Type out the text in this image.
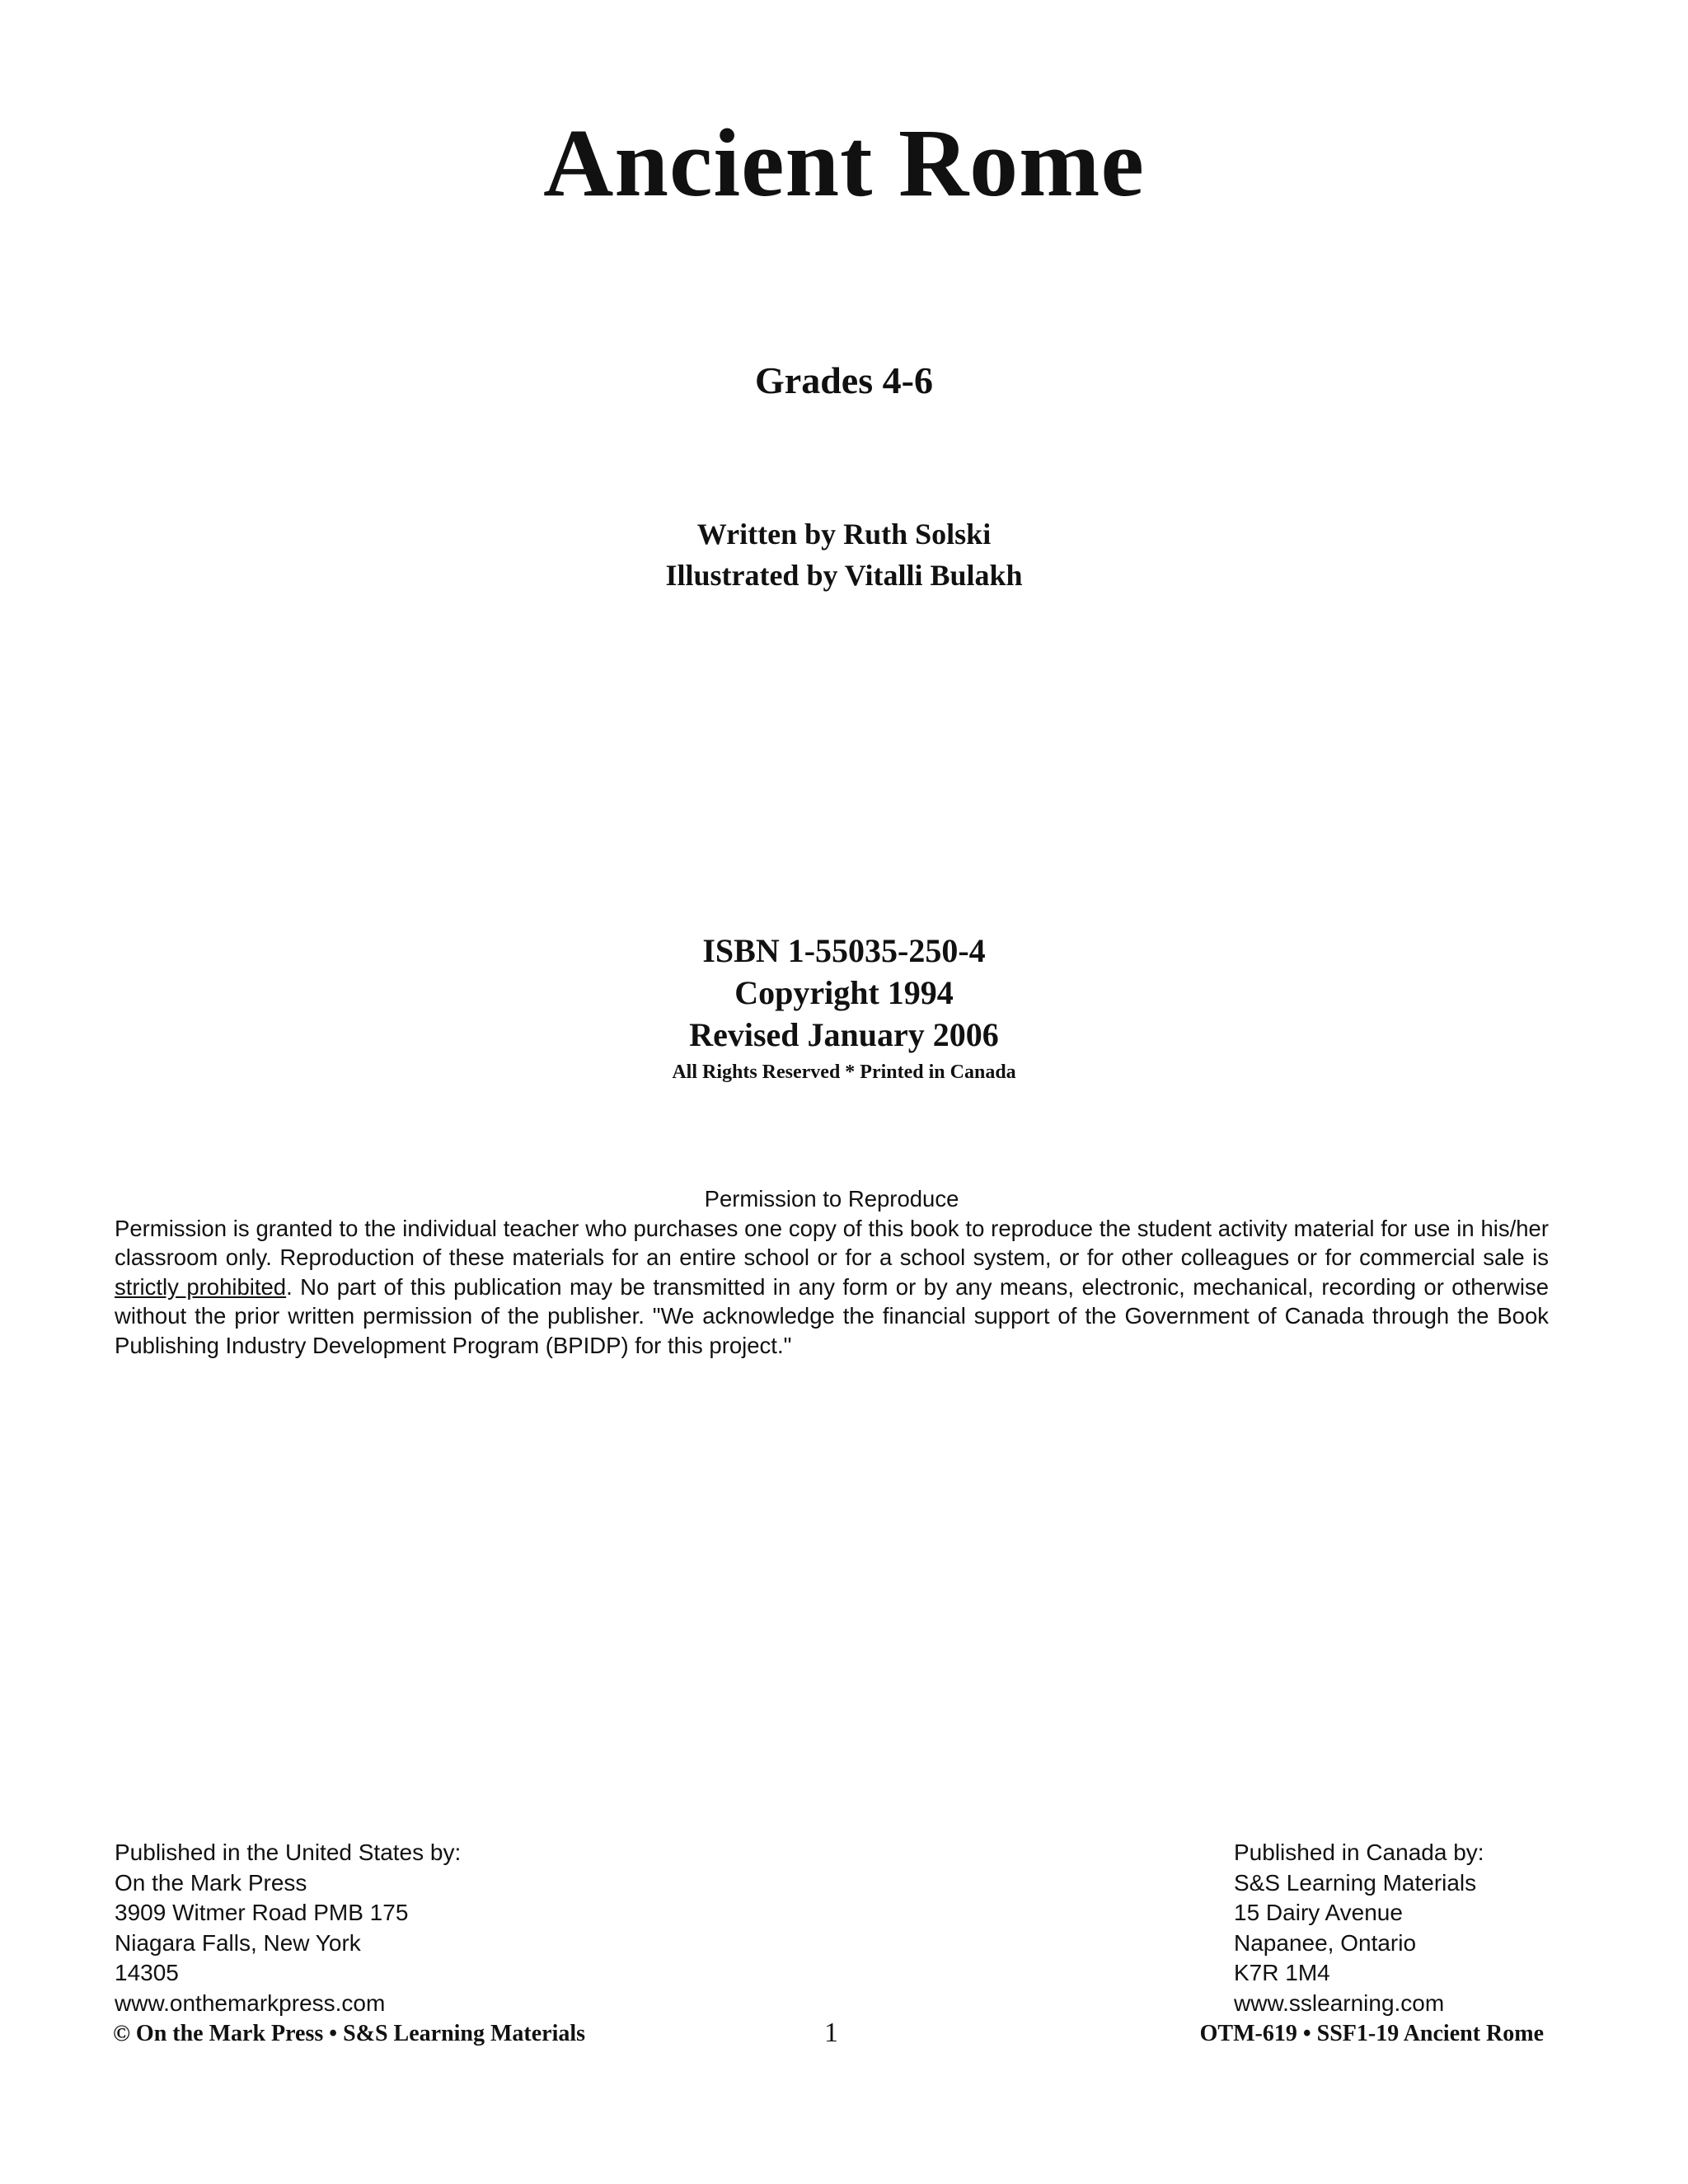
Ancient Rome
Grades 4-6
Written by Ruth Solski
Illustrated by Vitalli Bulakh
ISBN 1-55035-250-4
Copyright 1994
Revised January 2006
All Rights Reserved * Printed in Canada
Permission to Reproduce
Permission is granted to the individual teacher who purchases one copy of this book to reproduce the student activity material for use in his/her classroom only. Reproduction of these materials for an entire school or for a school system, or for other colleagues or for commercial sale is strictly prohibited. No part of this publication may be transmitted in any form or by any means, electronic, mechanical, recording or otherwise without the prior written permission of the publisher. "We acknowledge the financial support of the Government of Canada through the Book Publishing Industry Development Program (BPIDP) for this project."
Published in the United States by:
On the Mark Press
3909 Witmer Road PMB 175
Niagara Falls, New York
14305
www.onthemarkpress.com
Published in Canada by:
S&S Learning Materials
15 Dairy Avenue
Napanee, Ontario
K7R 1M4
www.sslearning.com
© On the Mark Press • S&S Learning Materials	1	OTM-619 • SSF1-19 Ancient Rome
